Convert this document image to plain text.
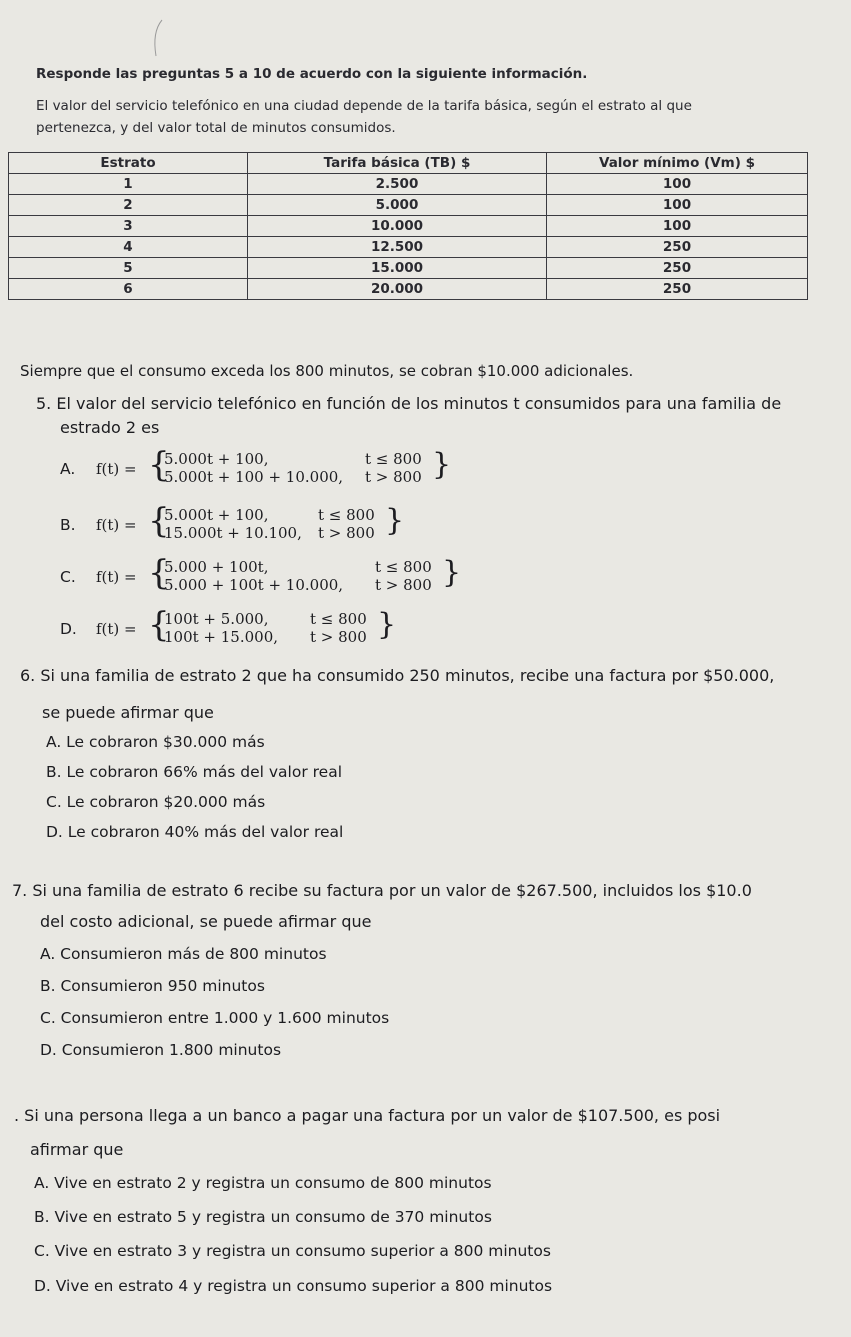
Responde las preguntas 5 a 10 de acuerdo con la siguiente información.
El valor del servicio telefónico en una ciudad depende de la tarifa básica, según el estrato al que
pertenezca, y del valor total de minutos consumidos.
Estrato	Tarifa básica (TB) $	Valor mínimo (Vm) $
1	2.500	100
2	5.000	100
3	10.000	100
4	12.500	250
5	15.000	250
6	20.000	250
Siempre que el consumo exceda los 800 minutos, se cobran $10.000 adicionales.
5. El valor del servicio telefónico en función de los minutos t consumidos para una familia de
estrado 2 es
A. f(t) = {
5.000t + 100,
5.000t + 100 + 10.000,
t ≤ 800
t > 800 }
B. f(t) = {
5.000t + 100,
15.000t + 10.100,
t ≤ 800
t > 800 }
C. f(t) = {
5.000 + 100t,
5.000 + 100t + 10.000,
t ≤ 800
t > 800 }
D. f(t) = {
100t + 5.000,
100t + 15.000,
t ≤ 800
t > 800 }
6. Si una familia de estrato 2 que ha consumido 250 minutos, recibe una factura por $50.000,
se puede afirmar que
A. Le cobraron $30.000 más
B. Le cobraron 66% más del valor real
C. Le cobraron $20.000 más
D. Le cobraron 40% más del valor real
7. Si una familia de estrato 6 recibe su factura por un valor de $267.500, incluidos los $10.0
del costo adicional, se puede afirmar que
A. Consumieron más de 800 minutos
B. Consumieron 950 minutos
C. Consumieron entre 1.000 y 1.600 minutos
D. Consumieron 1.800 minutos
. Si una persona llega a un banco a pagar una factura por un valor de $107.500, es posi
afirmar que
A. Vive en estrato 2 y registra un consumo de 800 minutos
B. Vive en estrato 5 y registra un consumo de 370 minutos
C. Vive en estrato 3 y registra un consumo superior a 800 minutos
D. Vive en estrato 4 y registra un consumo superior a 800 minutos
